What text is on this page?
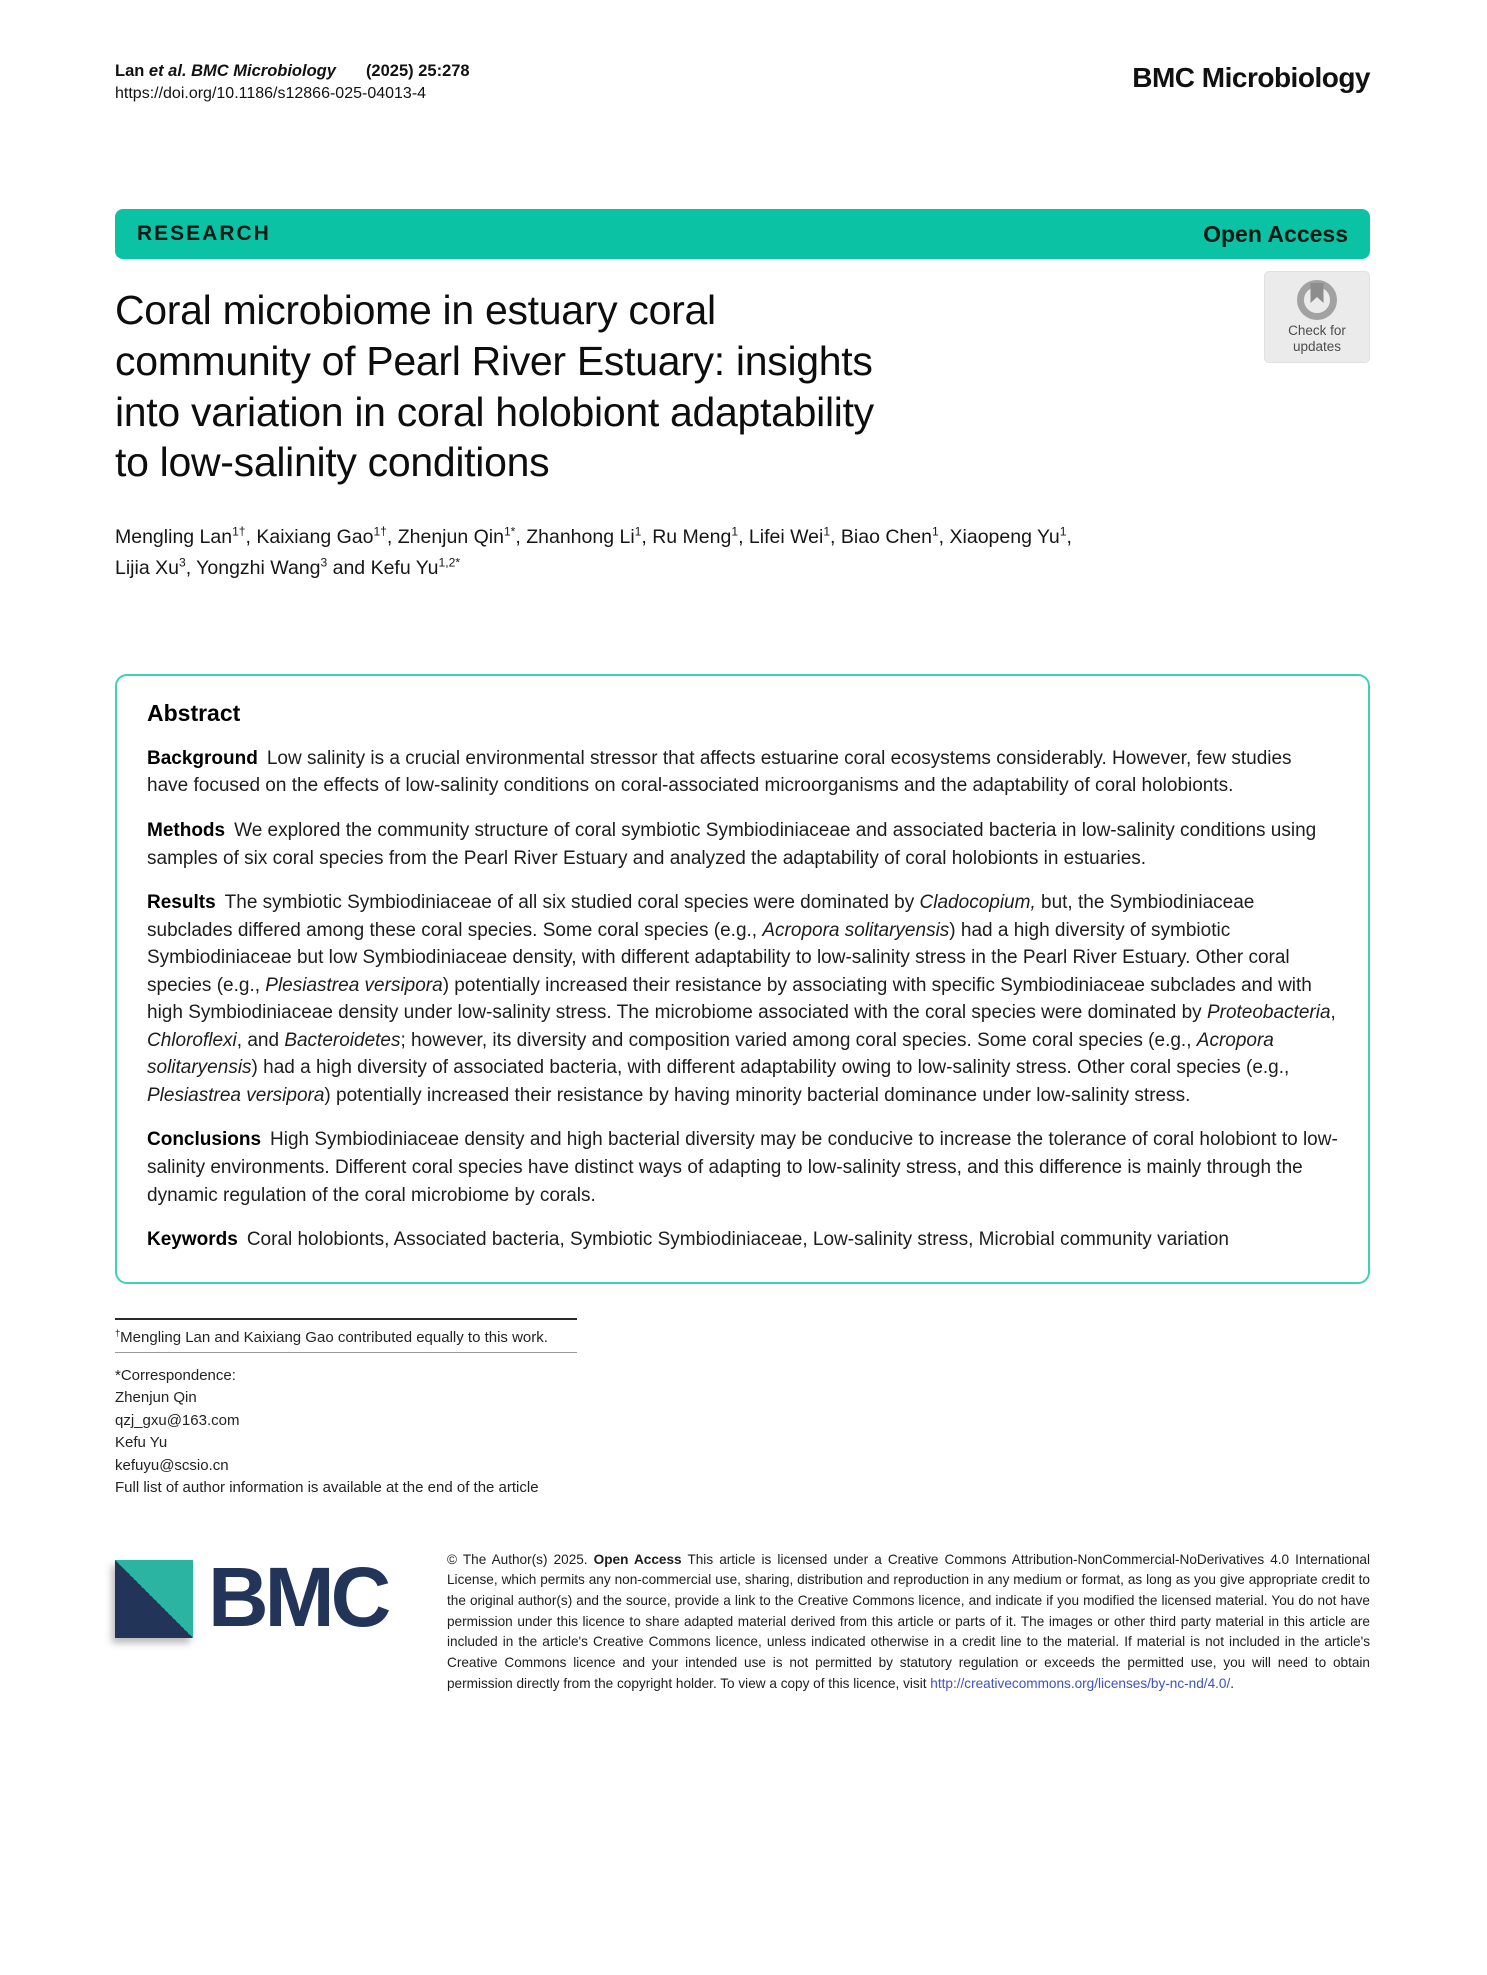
Lan et al. BMC Microbiology (2025) 25:278
https://doi.org/10.1186/s12866-025-04013-4
BMC Microbiology
RESEARCH	Open Access
Coral microbiome in estuary coral
community of Pearl River Estuary: insights
into variation in coral holobiont adaptability
to low-salinity conditions
Check for
updates
Mengling Lan$^{1\dagger}$, Kaixiang Gao$^{1\dagger}$, Zhenjun Qin$^{1*}$, Zhanhong Li$^1$, Ru Meng$^1$, Lifei Wei$^1$, Biao Chen$^1$, Xiaopeng Yu$^1$,
Lijia Xu$^3$, Yongzhi Wang$^3$ and Kefu $Yu^{1,2*}$
Abstract

Background Low salinity is a crucial environmental stressor that affects estuarine coral ecosystems considerably. However, few studies have focused on the effects of low-salinity conditions on coral-associated microorganisms and the adaptability of coral holobionts.

Methods We explored the community structure of coral symbiotic Symbiodiniaceae and associated bacteria in low-salinity conditions using samples of six coral species from the Pearl River Estuary and analyzed the adaptability of coral holobionts in estuaries.

Results The symbiotic Symbiodiniaceae of all six studied coral species were dominated by Cladocopium, but, the Symbiodiniaceae subclades differed among these coral species. Some coral species (e.g., Acropora solitaryensis) had a high diversity of symbiotic Symbiodiniaceae but low Symbiodiniaceae density, with different adaptability to low-salinity stress in the Pearl River Estuary. Other coral species (e.g., Plesiastrea versipora) potentially increased their resistance by associating with specific Symbiodiniaceae subclades and with high Symbiodiniaceae density under low-salinity stress. The microbiome associated with the coral species were dominated by Proteobacteria, Chloroflexi, and Bacteroidetes; however, its diversity and composition varied among coral species. Some coral species (e.g., Acropora solitaryensis) had a high diversity of associated bacteria, with different adaptability owing to low-salinity stress. Other coral species (e.g., Plesiastrea versipora) potentially increased their resistance by having minority bacterial dominance under low-salinity stress.

Conclusions High Symbiodiniaceae density and high bacterial diversity may be conducive to increase the tolerance of coral holobiont to low-salinity environments. Different coral species have distinct ways of adapting to low-salinity stress, and this difference is mainly through the dynamic regulation of the coral microbiome by corals.

Keywords Coral holobionts, Associated bacteria, Symbiotic Symbiodiniaceae, Low-salinity stress, Microbial community variation

†Mengling Lan and Kaixiang Gao contributed equally to this work.

*Correspondence:
Zhenjun Qin
qzj_gxu@163.com
Kefu Yu
kefuyu@scsio.cn
Full list of author information is available at the end of the article
BMC	© The Author(s) 2025. Open Access This article is licensed under a Creative Commons Attribution-NonCommercial-NoDerivatives 4.0 International License, which permits any non-commercial use, sharing, distribution and reproduction in any medium or format, as long as you give appropriate credit to the original author(s) and the source, provide a link to the Creative Commons licence, and indicate if you modified the licensed material. You do not have permission under this licence to share adapted material derived from this article or parts of it. The images or other third party material in this article are included in the article's Creative Commons licence, unless indicated otherwise in a credit line to the material. If material is not included in the article's Creative Commons licence and your intended use is not permitted by statutory regulation or exceeds the permitted use, you will need to obtain permission directly from the copyright holder. To view a copy of this licence, visit http://creativecommons.org/licenses/by-nc-nd/4.0/.
